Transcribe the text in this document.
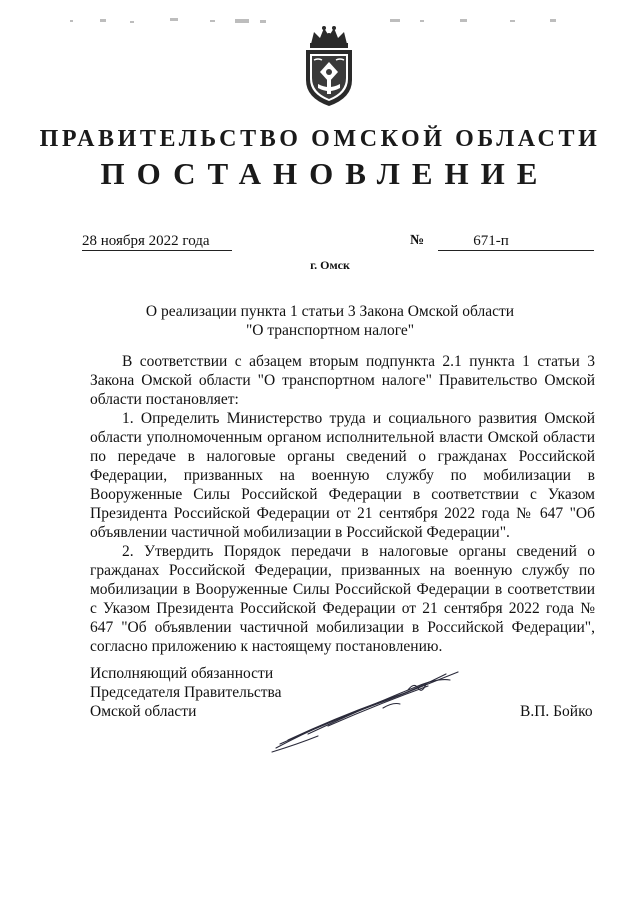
ПРАВИТЕЛЬСТВО ОМСКОЙ ОБЛАСТИ
ПОСТАНОВЛЕНИЕ
28 ноября 2022 года	№	671-п
г. Омск
О реализации пункта 1 статьи 3 Закона Омской области
"О транспортном налоге"

В соответствии с абзацем вторым подпункта 2.1 пункта 1 статьи 3 Закона Омской области "О транспортном налоге" Правительство Омской области постановляет:

1. Определить Министерство труда и социального развития Омской области уполномоченным органом исполнительной власти Омской области по передаче в налоговые органы сведений о гражданах Российской Федерации, призванных на военную службу по мобилизации в Вооруженные Силы Российской Федерации в соответствии с Указом Президента Российской Федерации от 21 сентября 2022 года № 647 "Об объявлении частичной мобилизации в Российской Федерации".

2. Утвердить Порядок передачи в налоговые органы сведений о гражданах Российской Федерации, призванных на военную службу по мобилизации в Вооруженные Силы Российской Федерации в соответствии с Указом Президента Российской Федерации от 21 сентября 2022 года № 647 "Об объявлении частичной мобилизации в Российской Федерации", согласно приложению к настоящему постановлению.

Исполняющий обязанности
Председателя Правительства
Омской области	В.П. Бойко
